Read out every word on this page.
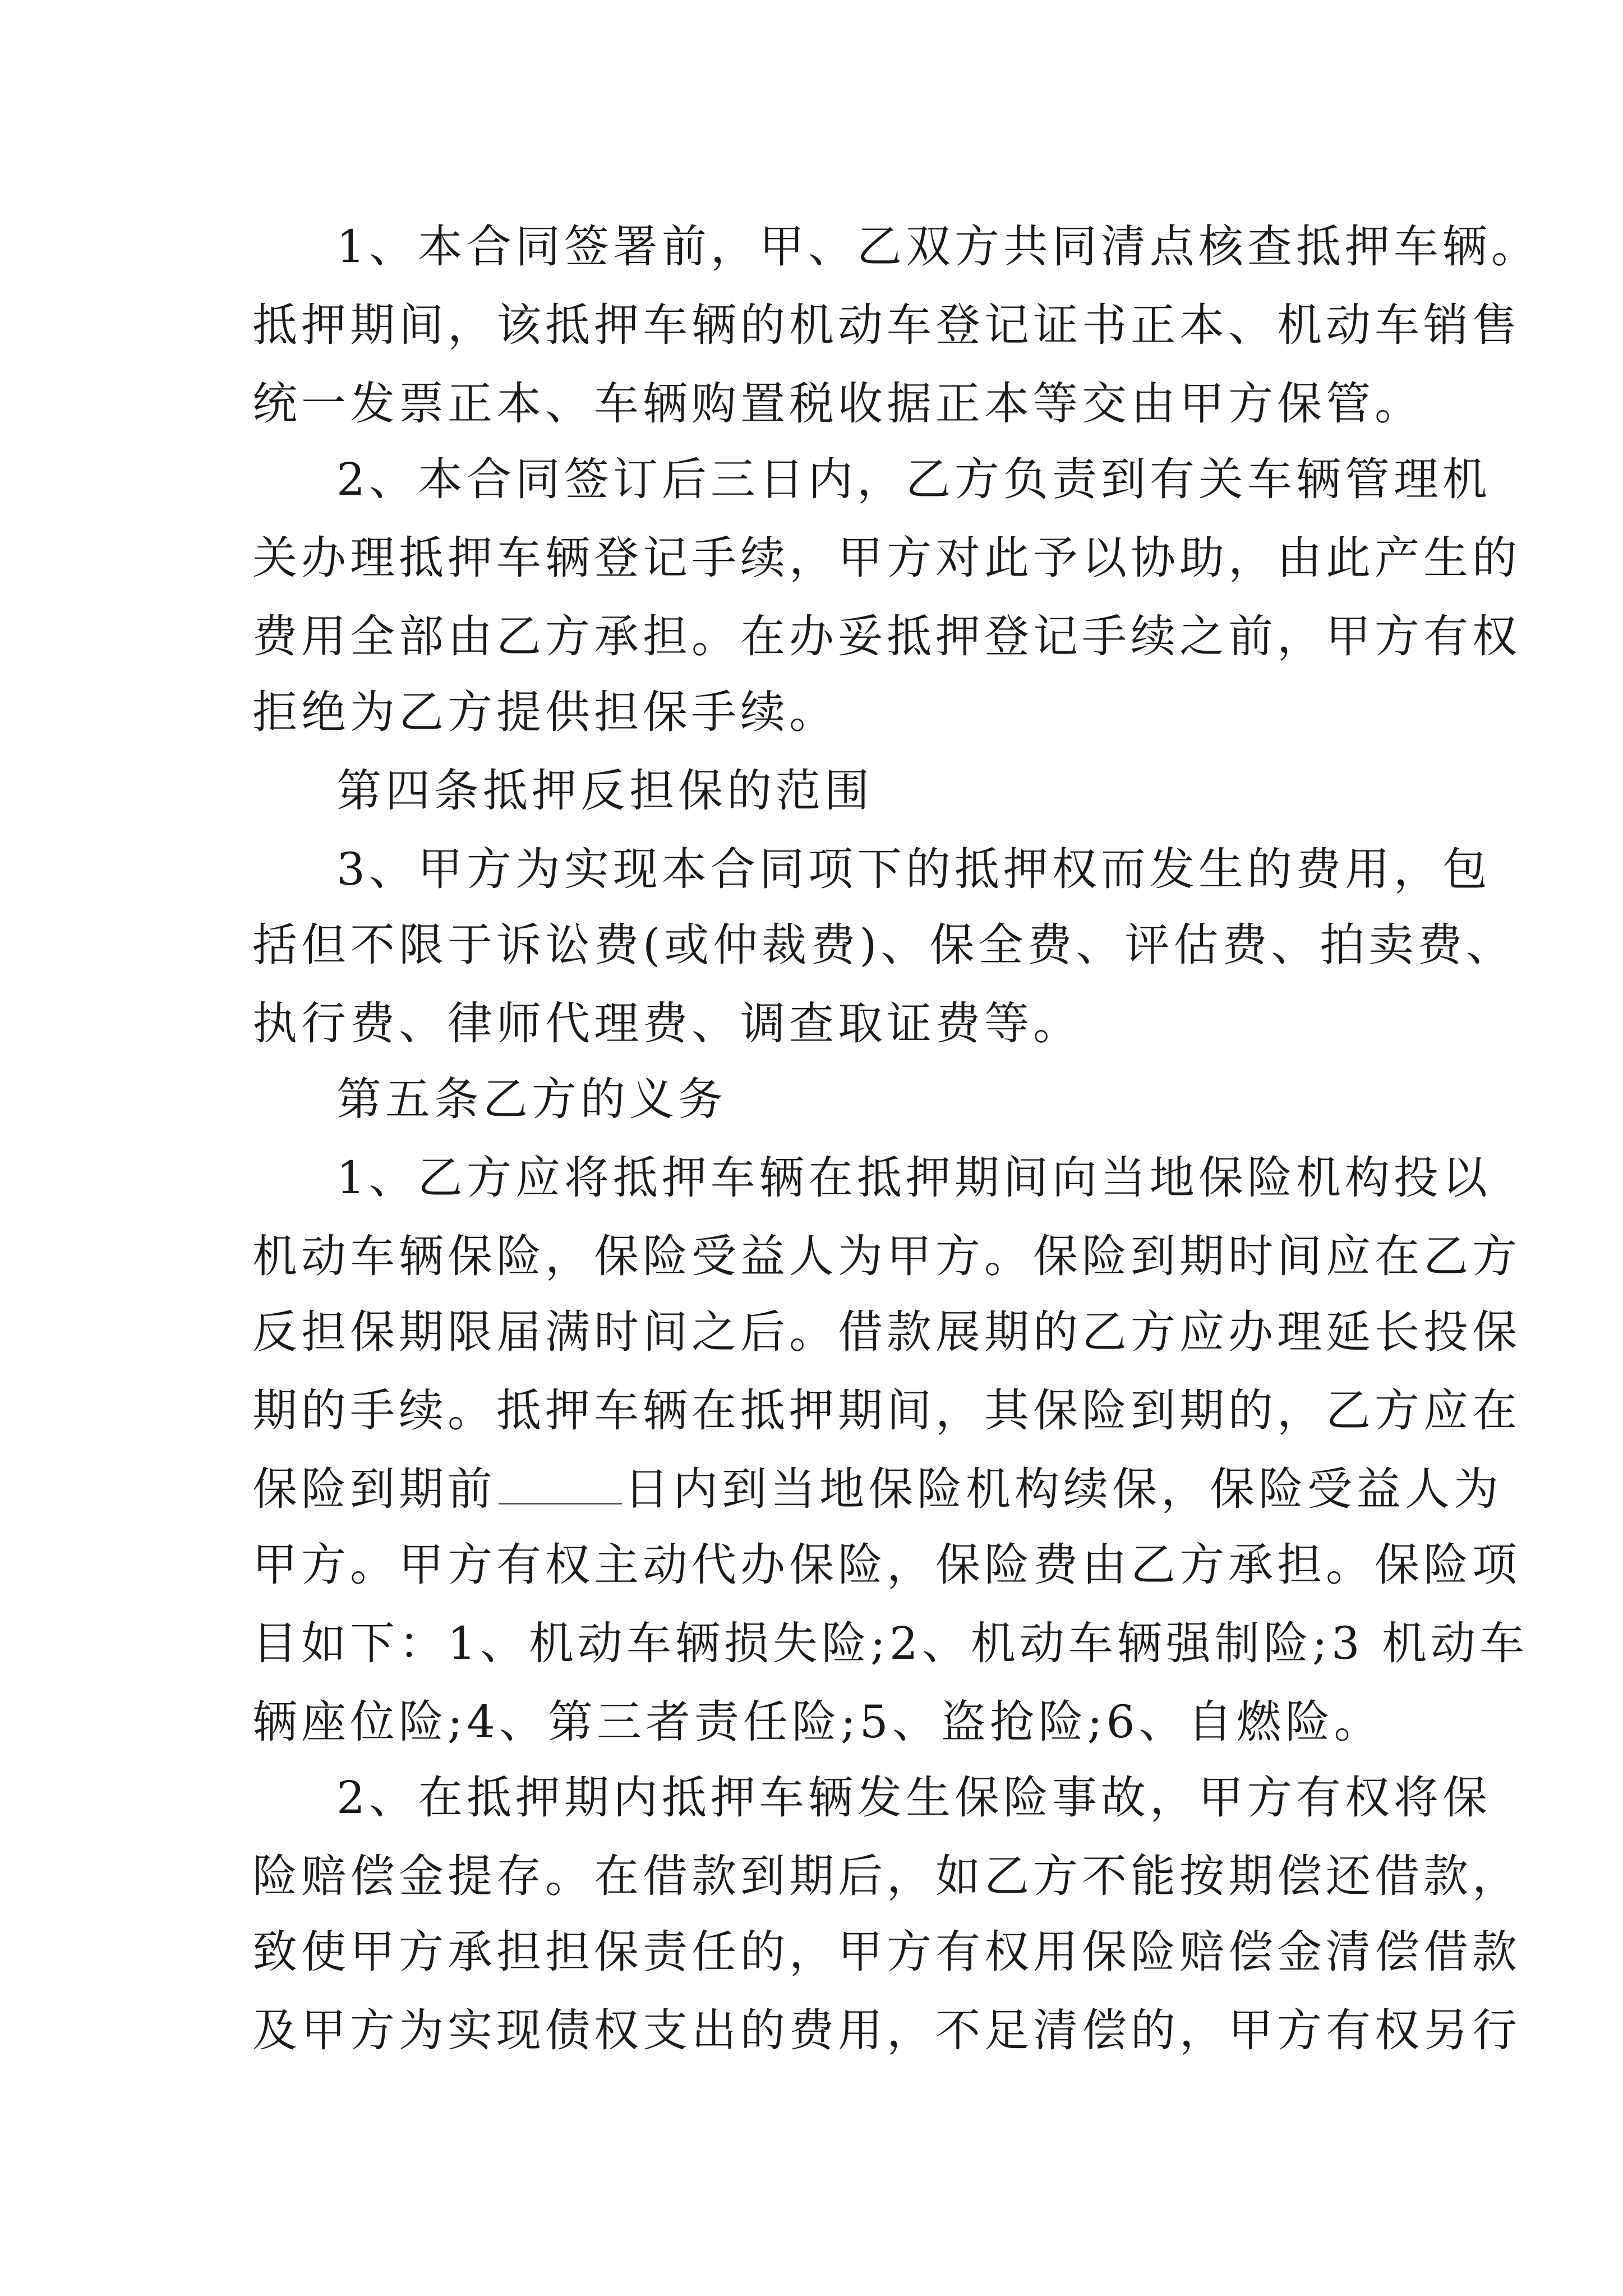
1、本合同签署前，甲、乙双方共同清点核查抵押车辆。
抵押期间，该抵押车辆的机动车登记证书正本、机动车销售
统一发票正本、车辆购置税收据正本等交由甲方保管。
2、本合同签订后三日内，乙方负责到有关车辆管理机
关办理抵押车辆登记手续，甲方对此予以协助，由此产生的
费用全部由乙方承担。在办妥抵押登记手续之前，甲方有权
拒绝为乙方提供担保手续。
第四条抵押反担保的范围
3、甲方为实现本合同项下的抵押权而发生的费用，包
括但不限于诉讼费(或仲裁费)、保全费、评估费、拍卖费、
执行费、律师代理费、调查取证费等。
第五条乙方的义务
1、乙方应将抵押车辆在抵押期间向当地保险机构投以
机动车辆保险，保险受益人为甲方。保险到期时间应在乙方
反担保期限届满时间之后。借款展期的乙方应办理延长投保
期的手续。抵押车辆在抵押期间，其保险到期的，乙方应在
保险到期前	日内到当地保险机构续保，保险受益人为
甲方。甲方有权主动代办保险，保险费由乙方承担。保险项
目如下：1、机动车辆损失险;2、机动车辆强制险;3 机动车
辆座位险;4、第三者责任险;5、盗抢险;6、自燃险。
2、在抵押期内抵押车辆发生保险事故，甲方有权将保
险赔偿金提存。在借款到期后，如乙方不能按期偿还借款，
致使甲方承担担保责任的，甲方有权用保险赔偿金清偿借款
及甲方为实现债权支出的费用，不足清偿的，甲方有权另行
